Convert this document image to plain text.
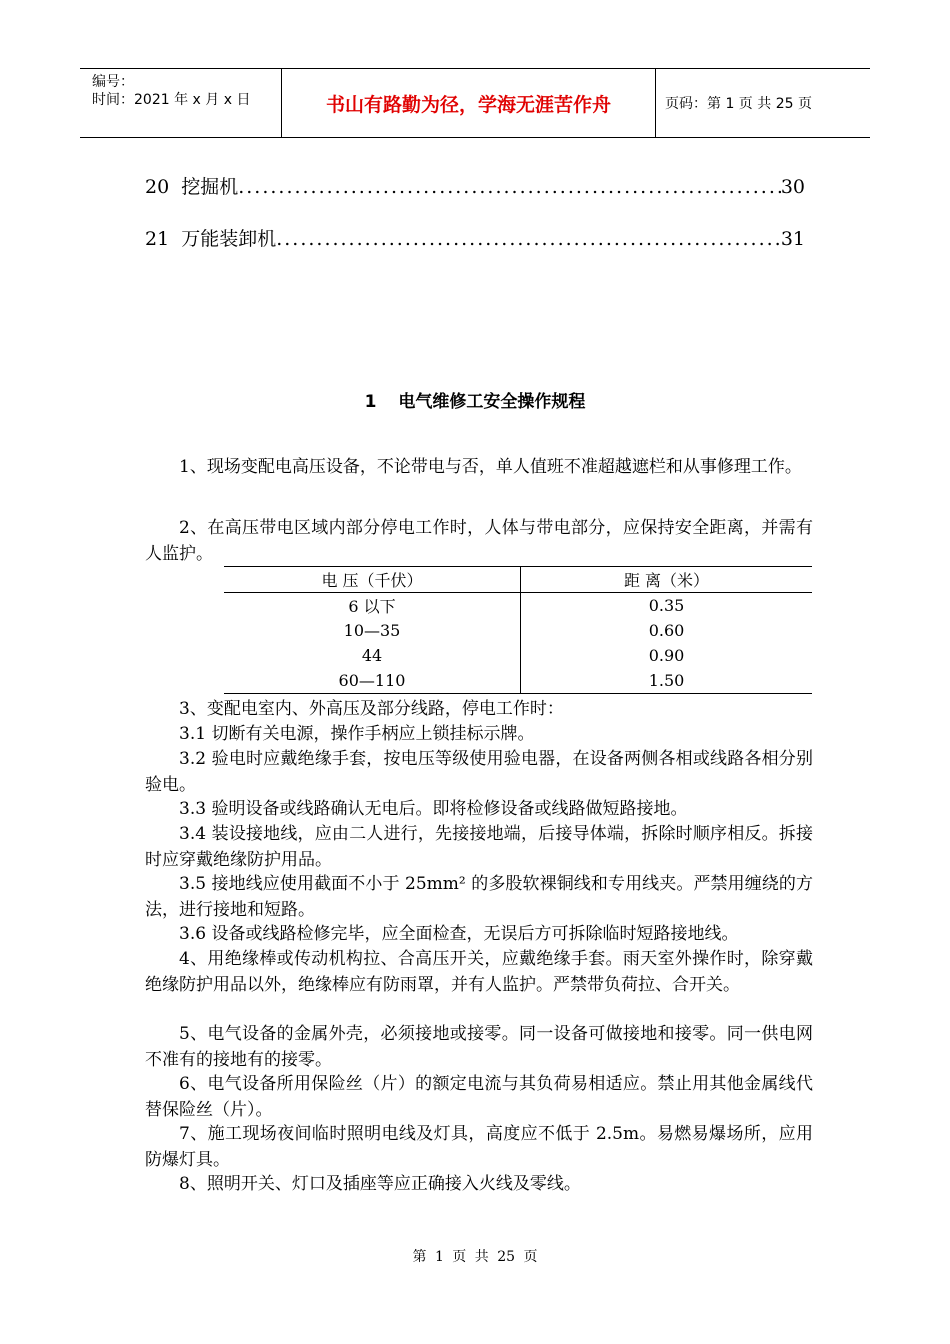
编号：
时间：2021 年 x 月 x 日	书山有路勤为径，学海无涯苦作舟	页码：第 1 页 共 25 页
20 挖掘机 .....	30
21 万能装卸机 .....	31
1 电气维修工安全操作规程

1、现场变配电高压设备，不论带电与否，单人值班不准超越遮栏和从事修理工作。

2、在高压带电区域内部分停电工作时，人体与带电部分，应保持安全距离，并需有人监护。

电 压（千伏）	距 离（米）
6 以下	0.35
10—35	0.60
44	0.90
60—110	1.50

3、变配电室内、外高压及部分线路，停电工作时：

3.1 切断有关电源，操作手柄应上锁挂标示牌。

3.2 验电时应戴绝缘手套，按电压等级使用验电器，在设备两侧各相或线路各相分别验电。

3.3 验明设备或线路确认无电后。即将检修设备或线路做短路接地。

3.4 装设接地线，应由二人进行，先接接地端，后接导体端，拆除时顺序相反。拆接时应穿戴绝缘防护用品。

3.5 接地线应使用截面不小于 25mm² 的多股软裸铜线和专用线夹。严禁用缠绕的方法，进行接地和短路。

3.6 设备或线路检修完毕，应全面检查，无误后方可拆除临时短路接地线。

4、用绝缘棒或传动机构拉、合高压开关，应戴绝缘手套。雨天室外操作时，除穿戴绝缘防护用品以外，绝缘棒应有防雨罩，并有人监护。严禁带负荷拉、合开关。

5、电气设备的金属外壳，必须接地或接零。同一设备可做接地和接零。同一供电网不准有的接地有的接零。

6、电气设备所用保险丝（片）的额定电流与其负荷易相适应。禁止用其他金属线代替保险丝（片）。

7、施工现场夜间临时照明电线及灯具，高度应不低于 2.5m。易燃易爆场所，应用防爆灯具。

8、照明开关、灯口及插座等应正确接入火线及零线。

第 1 页 共 25 页
